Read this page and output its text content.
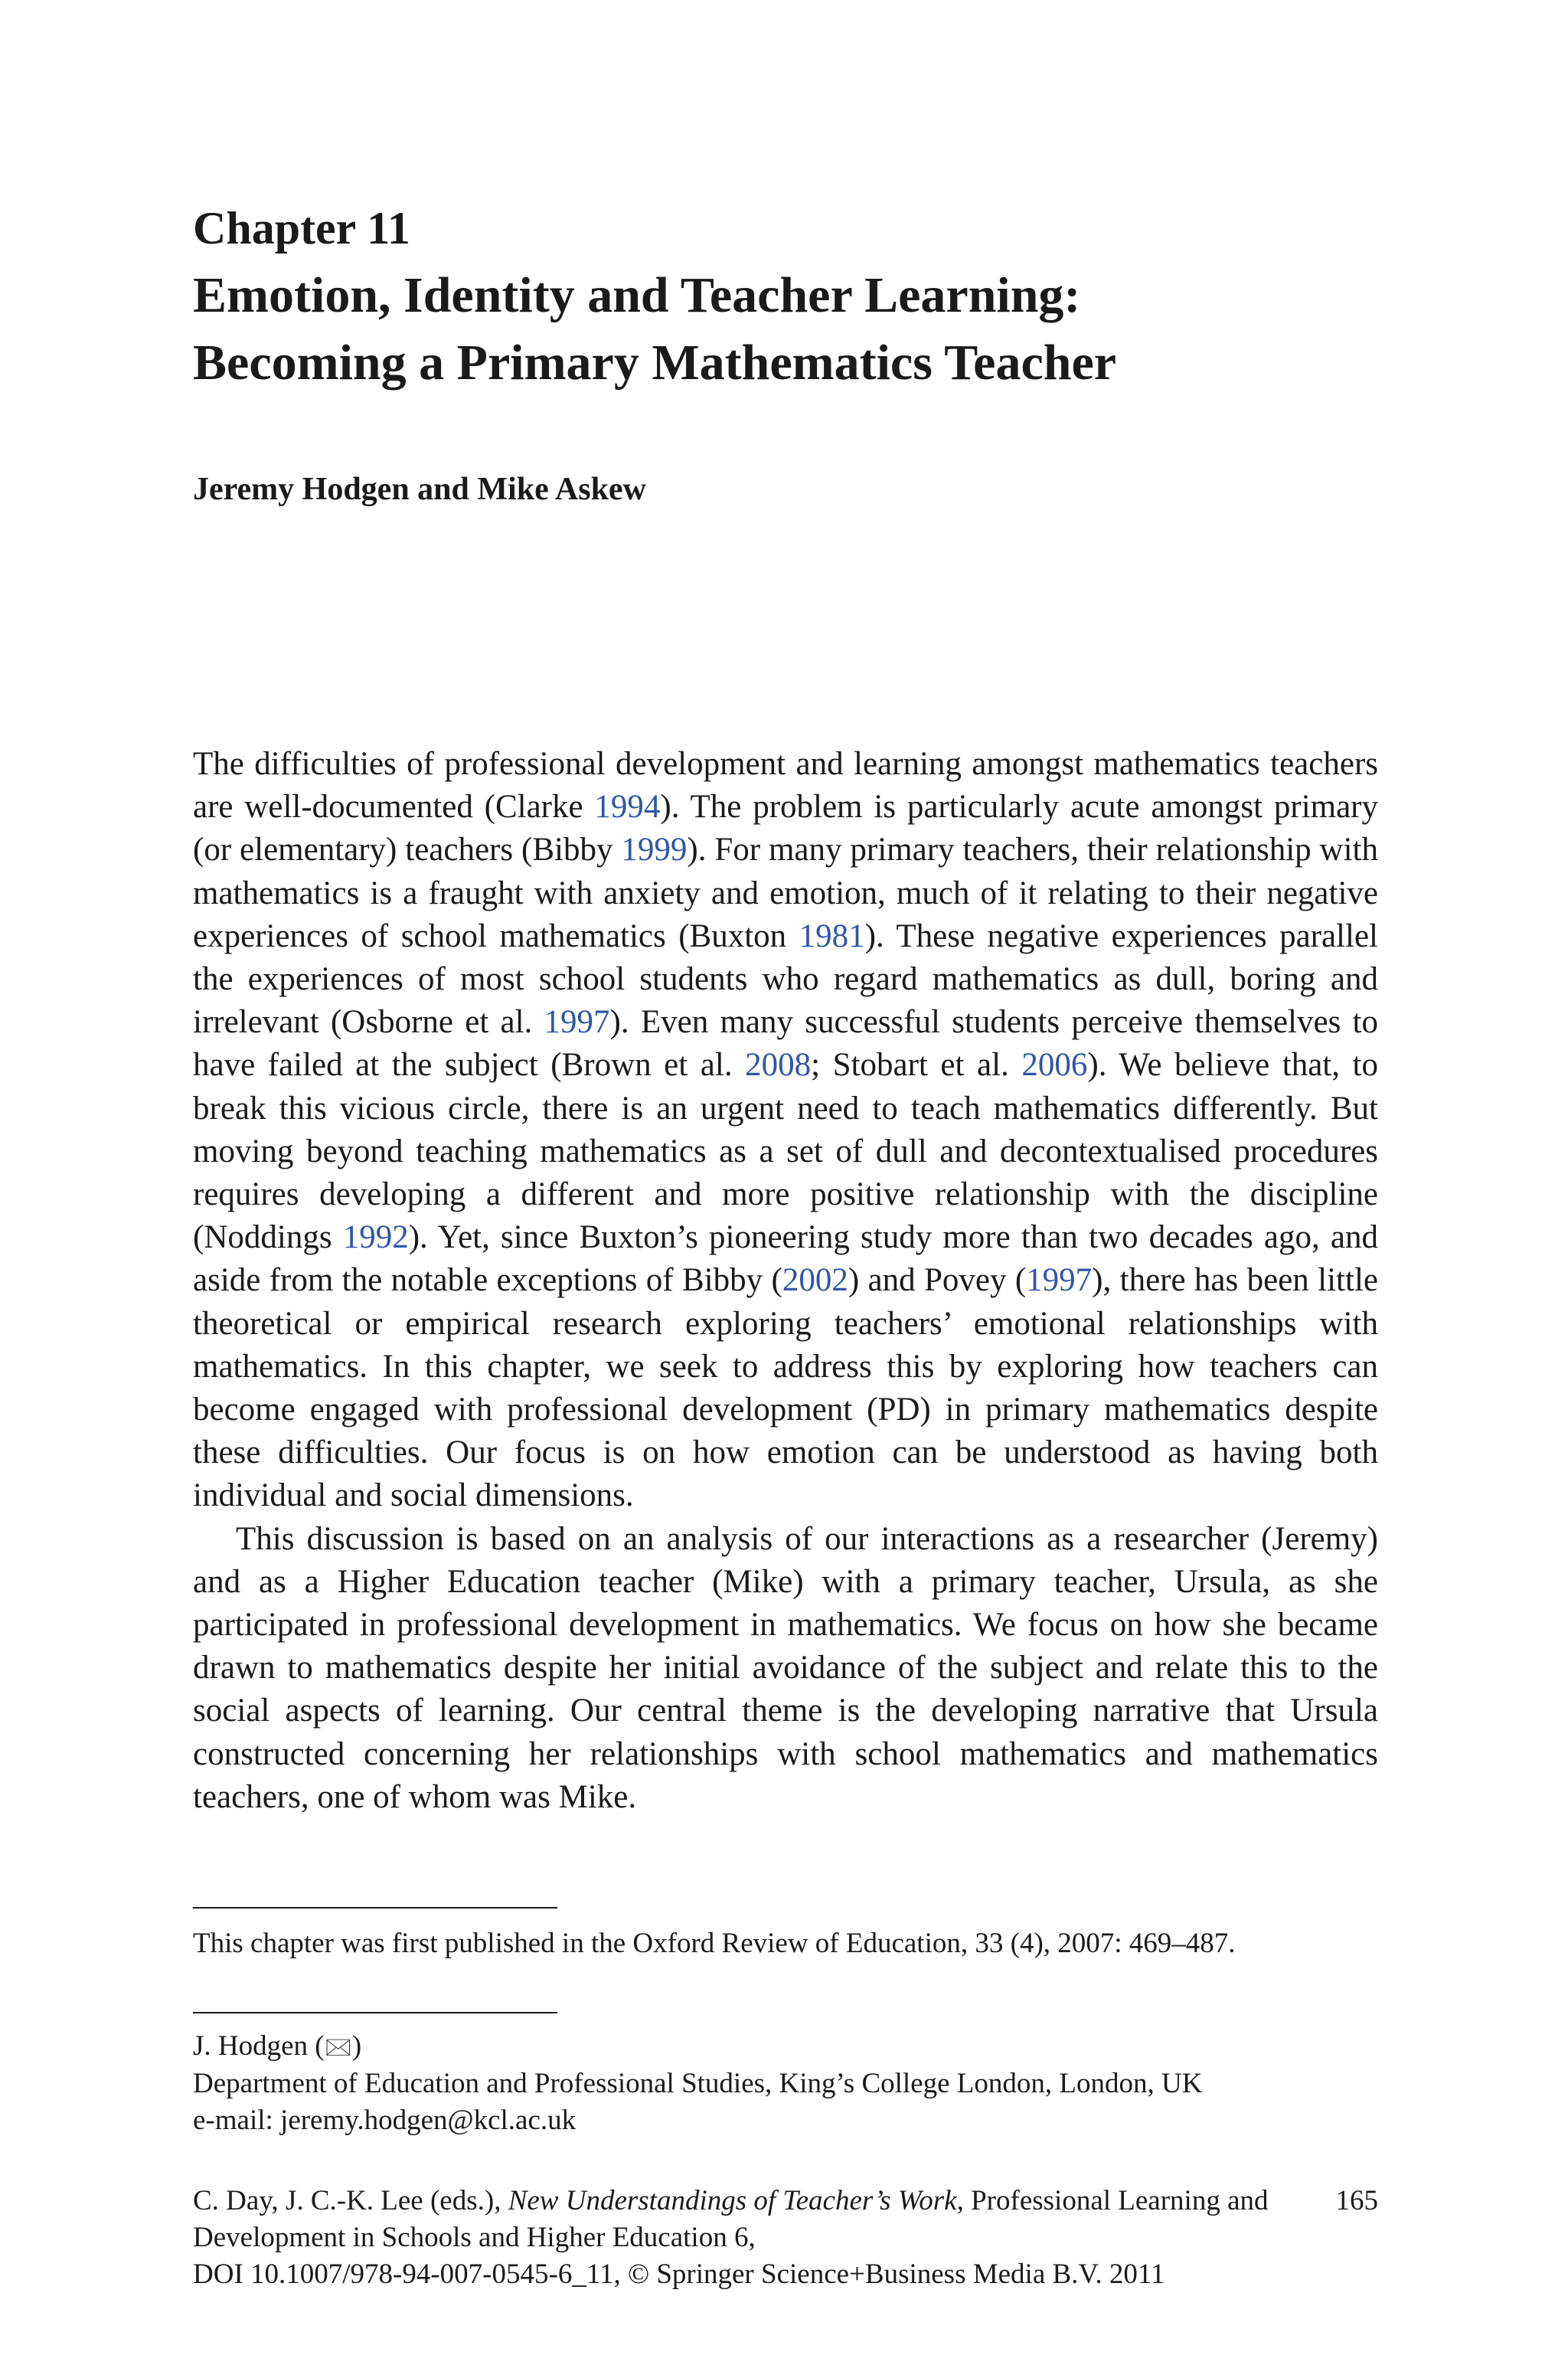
Chapter 11
Emotion, Identity and Teacher Learning:
Becoming a Primary Mathematics Teacher
Jeremy Hodgen and Mike Askew

The difficulties of professional development and learning amongst mathematics teachers are well-documented (Clarke 1994). The problem is particularly acute amongst primary (or elementary) teachers (Bibby 1999). For many primary teachers, their relationship with mathematics is a fraught with anxiety and emotion, much of it relating to their negative experiences of school mathematics (Buxton 1981). These negative experiences parallel the experiences of most school students who regard mathematics as dull, boring and irrelevant (Osborne et al. 1997). Even many successful students perceive themselves to have failed at the subject (Brown et al. 2008; Stobart et al. 2006). We believe that, to break this vicious circle, there is an urgent need to teach mathematics differently. But moving beyond teaching mathematics as a set of dull and decontextualised procedures requires developing a different and more positive relationship with the discipline (Noddings 1992). Yet, since Buxton’s pioneering study more than two decades ago, and aside from the notable exceptions of Bibby (2002) and Povey (1997), there has been little theoretical or empirical research exploring teachers’ emotional relationships with mathematics. In this chapter, we seek to address this by exploring how teachers can become engaged with professional development (PD) in primary mathematics despite these difficulties. Our focus is on how emotion can be understood as having both individual and social dimensions.

This discussion is based on an analysis of our interactions as a researcher (Jeremy) and as a Higher Education teacher (Mike) with a primary teacher, Ursula, as she participated in professional development in mathematics. We focus on how she became drawn to mathematics despite her initial avoidance of the subject and relate this to the social aspects of learning. Our central theme is the developing narrative that Ursula constructed concerning her relationships with school mathematics and mathematics teachers, one of whom was Mike.

This chapter was first published in the Oxford Review of Education, 33 (4), 2007: 469–487.
J. Hodgen (🖂)
Department of Education and Professional Studies, King’s College London, London, UK
e-mail: jeremy.hodgen@kcl.ac.uk
C. Day, J. C.-K. Lee (eds.), New Understandings of Teacher’s Work, Professional Learning and Development in Schools and Higher Education 6,
DOI 10.1007/978-94-007-0545-6_11, © Springer Science+Business Media B.V. 2011
165
